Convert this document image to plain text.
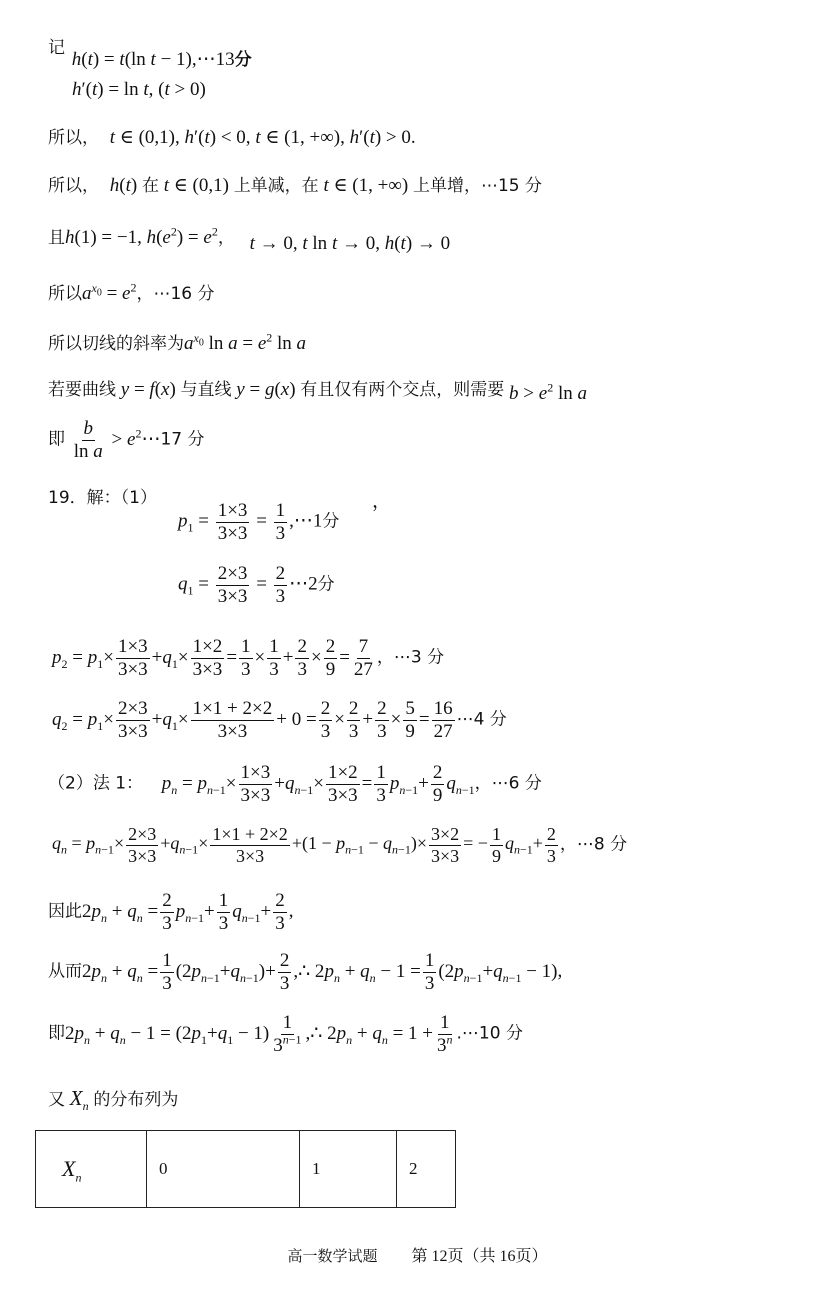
记 h(t) = t(ln t − 1),⋯13分
h′(t) = ln t, (t > 0)
所以， t ∈ (0,1), h′(t) < 0, t ∈ (1, +∞), h′(t) > 0.
所以， h(t) 在 t ∈ (0,1) 上单减，在 t ∈ (1, +∞) 上单增，⋯15 分
且h(1) = −1, $h(e^2) = e^2$， t → 0, t ln t → 0, h(t) → 0
所以$a^{x_0} = e^2$，⋯16 分
所以切线的斜率为$a^{x_0}$ $\ln a = e^2$ ln a
若要曲线 y = f(x) 与直线 y = g(x) 有且仅有两个交点，则需要 $b > e^2$ ln a
即 $\frac{b}{\text{ln a}}$ > $e^2\cdots 17$ 分
19．解：（1）	，
$p_1 = \frac{1\times 3}{3\times 3} = \frac{1}{3}$ ,⋯1分
$q_1 = \frac{2\times 3}{3\times 3} = \frac{2}{3}$ ⋯2分
$p_2 = p_1\times \frac{1\times 3}{3\times 3} +q_1\times \frac{1\times 2}{3\times 3} = \frac{1}{3} \times \frac{1}{3} + \frac{2}{3} \times \frac{2}{9} = \frac{7}{27}$ ，⋯3 分
$q_2 = p_1\times \frac{2\times 3}{3\times 3} +q_1\times \frac{1\times 1 + 2\times 2}{3\times 3} + 0 = \frac{2}{3} \times \frac{2}{3} + \frac{2}{3} \times \frac{5}{9} = \frac{16}{27}$ ⋯4 分
（2）法 1： $p_n = p_{n-1}\times \frac{1\times 3}{3\times 3} +q_{n-1}\times \frac{1\times 2}{3\times 3} = \frac{1}{3} p_{n-1}+ \frac{2}{9} q_{n-1}$，⋯6 分
$q_n = p_{n-1}\times \frac{2\times 3}{3\times 3} +q_{n-1}\times \frac{1\times 1 + 2\times 2}{3\times 3} +(1 - p_{n-1} - q_{n-1})\times \frac{3\times 2}{3\times 3}$ = − $\frac{1}{9} q_{n-1}+ \frac{2}{3}$ ，⋯8 分
因此$2p_n + q_n = \frac{2}{3} p_{n-1}+ \frac{1}{3} q_{n-1}+ \frac{2}{3}$ ,
从而$2p_n + q_n = \frac{1}{3} (2p_{n-1}+q_{n-1})+ \frac{2}{3}$ ,∴ $2p_n + q_n - 1 = \frac{1}{3} (2p_{n-1}+q_{n-1} - 1)$,
即$2p_n + q_n - 1 = (2p_1+q_1 - 1) \frac{1}{3^{n-1}}$ ,∴ $2p_n + q_n = 1 + \frac{1}{3^n}$ .⋯10 分
又 $X_n$ 的分布列为
$X_n$	0	1	2
高一数学试题 第 12页（共 16页）
